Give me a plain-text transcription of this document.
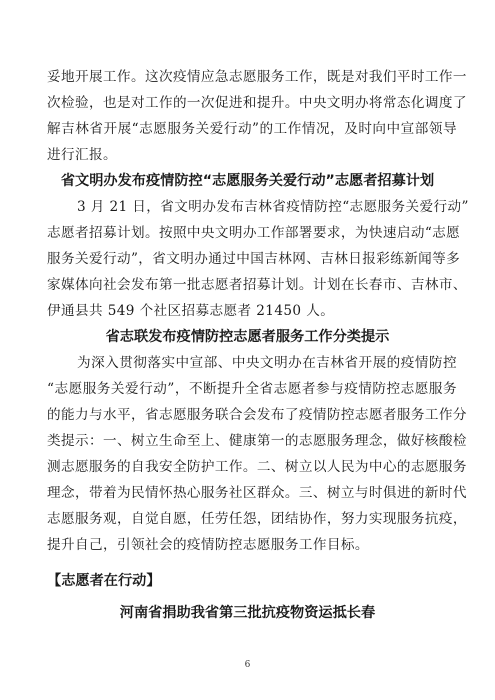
妥地开展工作。这次疫情应急志愿服务工作，既是对我们平时工作一
次检验，也是对工作的一次促进和提升。中央文明办将常态化调度了
解吉林省开展“志愿服务关爱行动”的工作情况，及时向中宣部领导
进行汇报。
省文明办发布疫情防控“志愿服务关爱行动”志愿者招募计划
3 月 21 日，省文明办发布吉林省疫情防控“志愿服务关爱行动”
志愿者招募计划。按照中央文明办工作部署要求，为快速启动“志愿
服务关爱行动”，省文明办通过中国吉林网、吉林日报彩练新闻等多
家媒体向社会发布第一批志愿者招募计划。计划在长春市、吉林市、
伊通县共 549 个社区招募志愿者 21450 人。
省志联发布疫情防控志愿者服务工作分类提示
为深入贯彻落实中宣部、中央文明办在吉林省开展的疫情防控
“志愿服务关爱行动”，不断提升全省志愿者参与疫情防控志愿服务
的能力与水平，省志愿服务联合会发布了疫情防控志愿者服务工作分
类提示：一、树立生命至上、健康第一的志愿服务理念，做好核酸检
测志愿服务的自我安全防护工作。二、树立以人民为中心的志愿服务
理念，带着为民情怀热心服务社区群众。三、树立与时俱进的新时代
志愿服务观，自觉自愿，任劳任怨，团结协作，努力实现服务抗疫，
提升自己，引领社会的疫情防控志愿服务工作目标。
【志愿者在行动】
河南省捐助我省第三批抗疫物资运抵长春
6
